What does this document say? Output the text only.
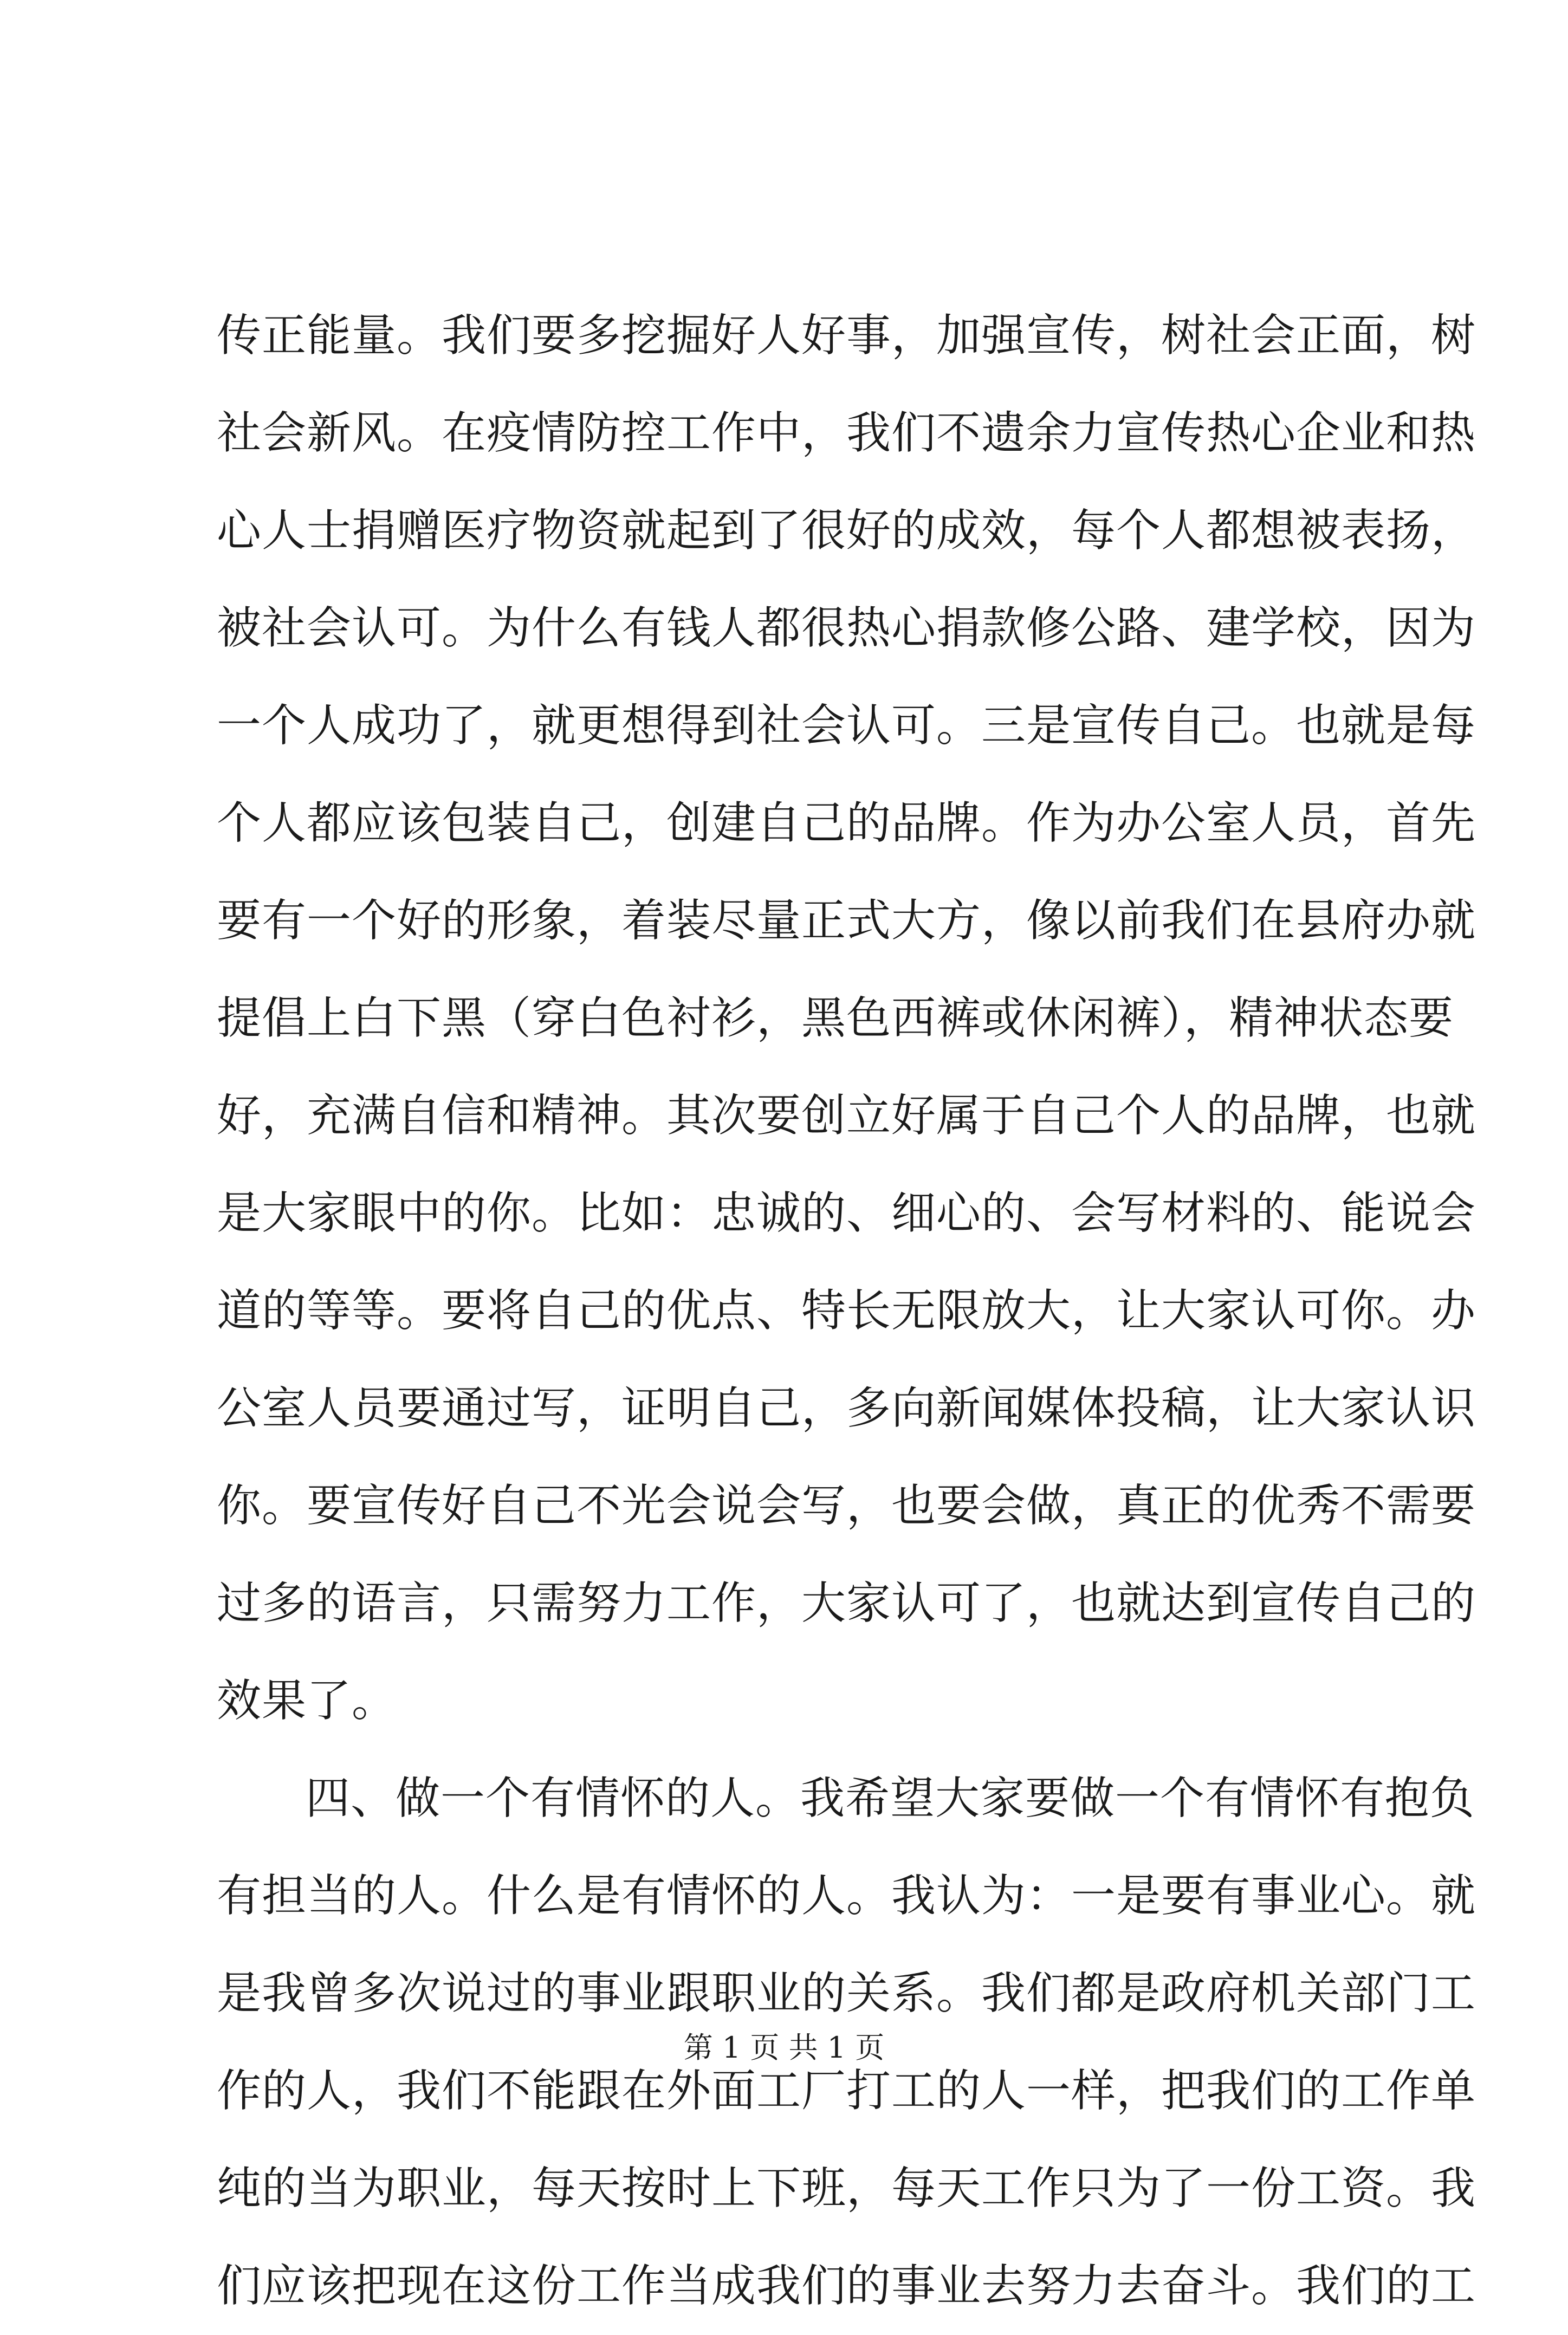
传正能量。我们要多挖掘好人好事，加强宣传，树社会正面，树
社会新风。在疫情防控工作中，我们不遗余力宣传热心企业和热
心人士捐赠医疗物资就起到了很好的成效，每个人都想被表扬，
被社会认可。为什么有钱人都很热心捐款修公路、建学校，因为
一个人成功了，就更想得到社会认可。三是宣传自己。也就是每
个人都应该包装自己，创建自己的品牌。作为办公室人员，首先
要有一个好的形象，着装尽量正式大方，像以前我们在县府办就
提倡上白下黑（穿白色衬衫，黑色西裤或休闲裤），精神状态要
好，充满自信和精神。其次要创立好属于自己个人的品牌，也就
是大家眼中的你。比如：忠诚的、细心的、会写材料的、能说会
道的等等。要将自己的优点、特长无限放大，让大家认可你。办
公室人员要通过写，证明自己，多向新闻媒体投稿，让大家认识
你。要宣传好自己不光会说会写，也要会做，真正的优秀不需要
过多的语言，只需努力工作，大家认可了，也就达到宣传自己的
效果了。
四、做一个有情怀的人。我希望大家要做一个有情怀有抱负
有担当的人。什么是有情怀的人。我认为：一是要有事业心。就
是我曾多次说过的事业跟职业的关系。我们都是政府机关部门工
作的人，我们不能跟在外面工厂打工的人一样，把我们的工作单
纯的当为职业，每天按时上下班，每天工作只为了一份工资。我
们应该把现在这份工作当成我们的事业去努力去奋斗。我们的工
第 1 页 共 1 页
